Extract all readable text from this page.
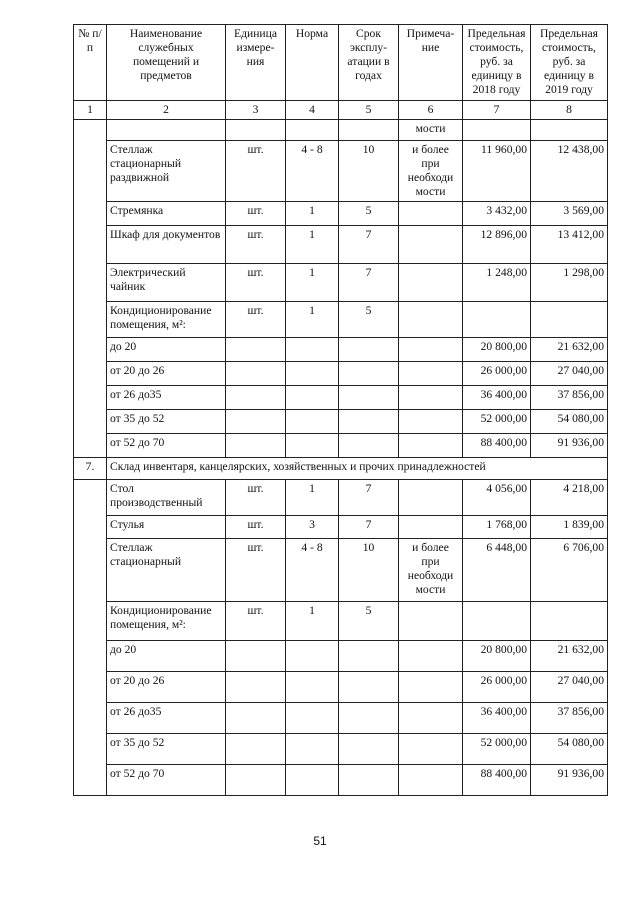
№ п/п	Наименование служебных помещений и предметов	Единица измере-ния	Норма	Срок эксплу-атации в годах	Примеча-ние	Предельная стоимость, руб. за единицу в 2018 году	Предельная стоимость, руб. за единицу в 2019 году
1	2	3	4	5	6	7	8
					мости		
	Стеллаж стационарный раздвижной	шт.	4 - 8	10	и более при необходи мости	11 960,00	12 438,00
	Стремянка	шт.	1	5		3 432,00	3 569,00
	Шкаф для документов	шт.	1	7		12 896,00	13 412,00
	Электрический чайник	шт.	1	7		1 248,00	1 298,00
	Кондиционирование помещения, м²:	шт.	1	5			
	до 20					20 800,00	21 632,00
	от 20 до 26					26 000,00	27 040,00
	от 26 до35					36 400,00	37 856,00
	от 35 до 52					52 000,00	54 080,00
	от 52 до 70					88 400,00	91 936,00
7.	Склад инвентаря, канцелярских, хозяйственных и прочих принадлежностей						
	Стол производственный	шт.	1	7		4 056,00	4 218,00
	Стулья	шт.	3	7		1 768,00	1 839,00
	Стеллаж стационарный	шт.	4 - 8	10	и более при необходи мости	6 448,00	6 706,00
	Кондиционирование помещения, м²:	шт.	1	5			
	до 20					20 800,00	21 632,00
	от 20 до 26					26 000,00	27 040,00
	от 26 до35					36 400,00	37 856,00
	от 35 до 52					52 000,00	54 080,00
	от 52 до 70					88 400,00	91 936,00
51
